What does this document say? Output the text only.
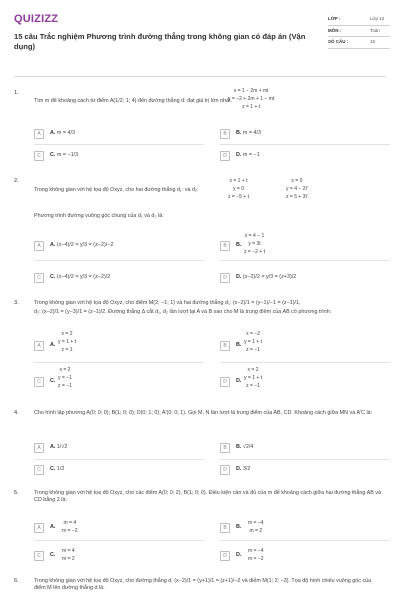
QUIZIZZ
15 câu Trắc nghiệm Phương trình đường thẳng trong không gian có đáp án (Vận dụng)
LỚP :	Lớp 12
MÔN :	Toán
SỐ CÂU :	15
1.	x = 1 − 2m + mt
y = −2 + 2m + 1 − mt
z = 1 + t
Tìm m để khoảng cách từ điểm A(1/2; 1; 4) đến đường thẳng d: đạt giá trị lớn nhất.
A	A. m = 4/3	B	B. m = 4/3
C	C. m = −1/3	D	D. m = −1
2.	x = 1 + t
y = 0
z = −5 + t
x = 0
y = 4 − 2t'
z = 5 + 3t'
Trong không gian với hệ tọa độ Oxyz, cho hai đường thẳng d₁: và d₂:
Phương trình đường vuông góc chung của d₁ và d₂ là:
A	A. (x−4)/2 = y/3 = (z−2)/−2	B	B.
x = 4 − 1
y = 3t
z = −2 + t
C	C. (x−4)/2 = y/3 = (z−2)/2	D	D. (x−2)/2 = y/3 = (z+3)/2
3.	Trong không gian với hệ tọa độ Oxyz, cho điểm M(2; −1; 1) và hai đường thẳng d₁: (x−2)/1 = (y−1)/−1 = (z−1)/1,
d₂: (x−2)/1 = (y−3)/1 = (z−1)/2. Đường thẳng Δ cắt d₁, d₂ lần lượt tại A và B sao cho M là trung điểm của AB có phương trình:
A	A.
x = 2
y = 1 + t
z = 1
B	B.
x = −2
y = 1 + t
z = −1
C	C.
x = 2
y = −1
z = −1
D	D.
x = 2
y = 1 + t
z = −1
4.	Cho hình lập phương A(0; 0; 0); B(1; 0; 0); D(0; 1; 0); A'(0; 0; 1). Gọi M, N lần lượt là trung điểm của AB, CD. Khoảng cách giữa MN và A'C là:
A	A. 1/√2	B	B. √2/4
C	C. 1/2	D	D. 3/2
5.	Trong không gian với hệ tọa độ Oxyz, cho các điểm A(0; 0; 2), B(1; 0; 0). Điều kiện cần và đủ của m để khoảng cách giữa hai đường thẳng AB và CD bằng 2 là:
A	A.
m = 4
m = −2	B	B.
m = −4
m = 2
C	C.
m = 4
m = 2	D	D.
m = −4
m = −2
6.	Trong không gian với hệ tọa độ Oxyz, cho đường thẳng d: (x−2)/1 = (y+1)/1 = (z+1)/−2 và điểm M(1; 2; −3). Tọa độ hình chiếu vuông góc của điểm M lên đường thẳng d là:
